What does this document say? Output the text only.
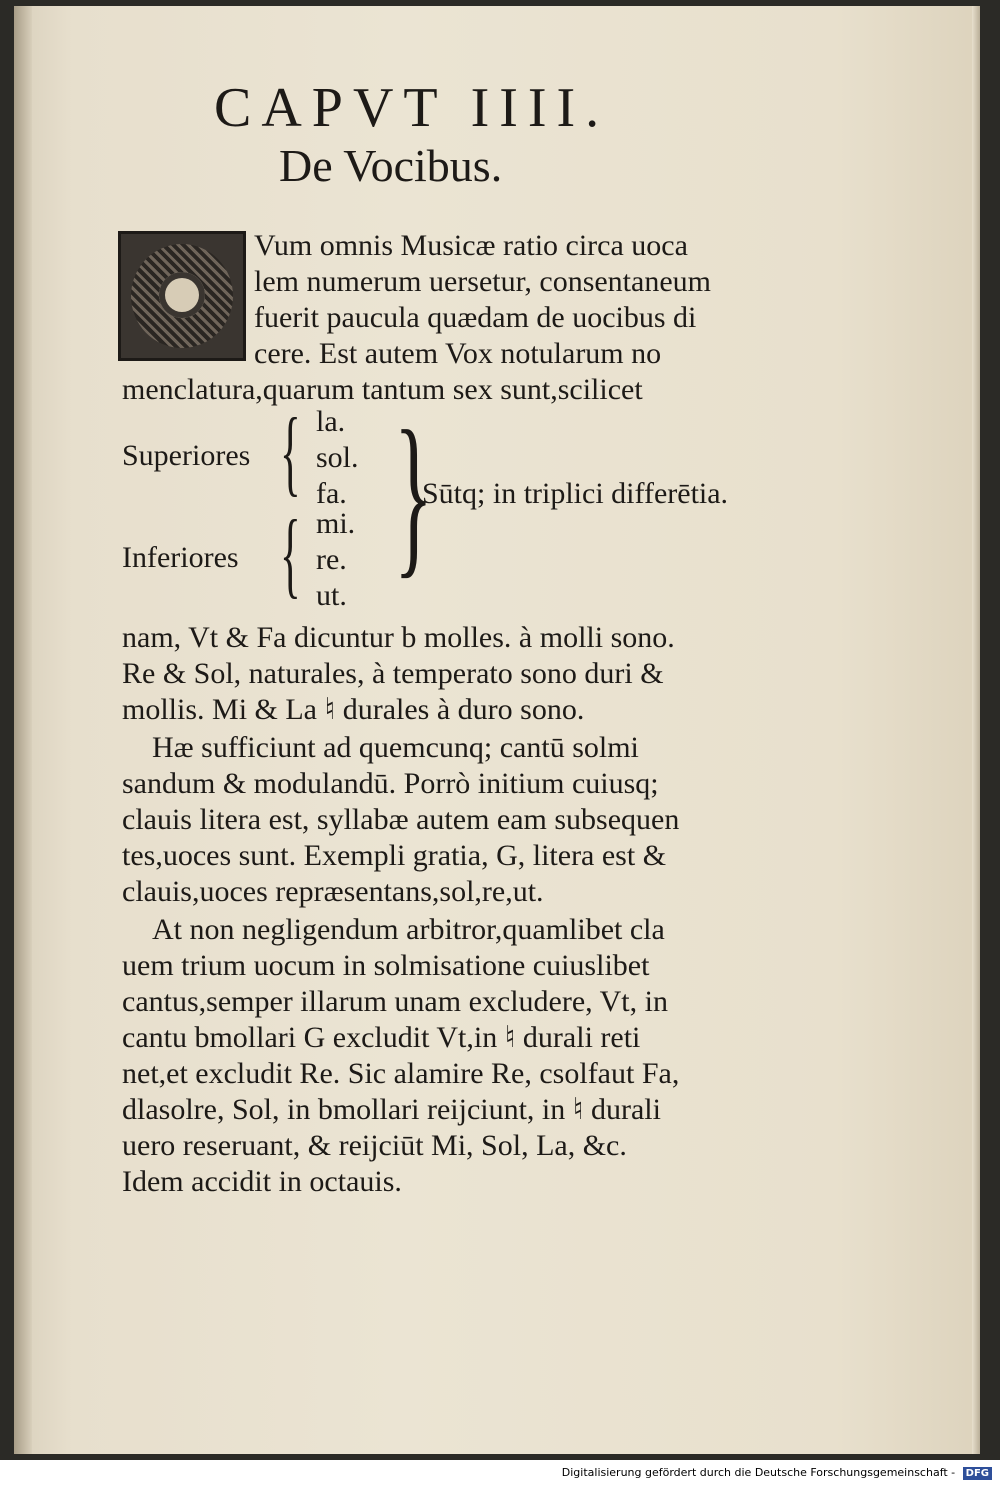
CAPVT IIII.
De Vocibus.
Vum omnis Musicæ ratio circa uoca
lem numerum uersetur, consentaneum
fuerit paucula quædam de uocibus di
cere. Est autem Vox notularum no
menclatura,quarum tantum sex sunt,scilicet
Superiores { la.
sol.
fa. }
Sūtq; in triplici differētia.
Inferiores { mi.
re.
ut.
nam, Vt & Fa dicuntur b molles. à molli sono.
Re & Sol, naturales, à temperato sono duri &
mollis. Mi & La ♮ durales à duro sono.
Hæ sufficiunt ad quemcunq; cantū solmi
sandum & modulandū. Porrò initium cuiusq;
clauis litera est, syllabæ autem eam subsequen
tes,uoces sunt. Exempli gratia, G, litera est &
clauis,uoces repræsentans,sol,re,ut.
At non negligendum arbitror,quamlibet cla
uem trium uocum in solmisatione cuiuslibet
cantus,semper illarum unam excludere, Vt, in
cantu bmollari G excludit Vt,in ♮ durali reti
net,et excludit Re. Sic alamire Re, csolfaut Fa,
dlasolre, Sol, in bmollari reijciunt, in ♮ durali
uero reseruant, & reijciūt Mi, Sol, La, &c.
Idem accidit in octauis.
Digitalisierung gefördert durch die Deutsche Forschungsgemeinschaft - DFG
